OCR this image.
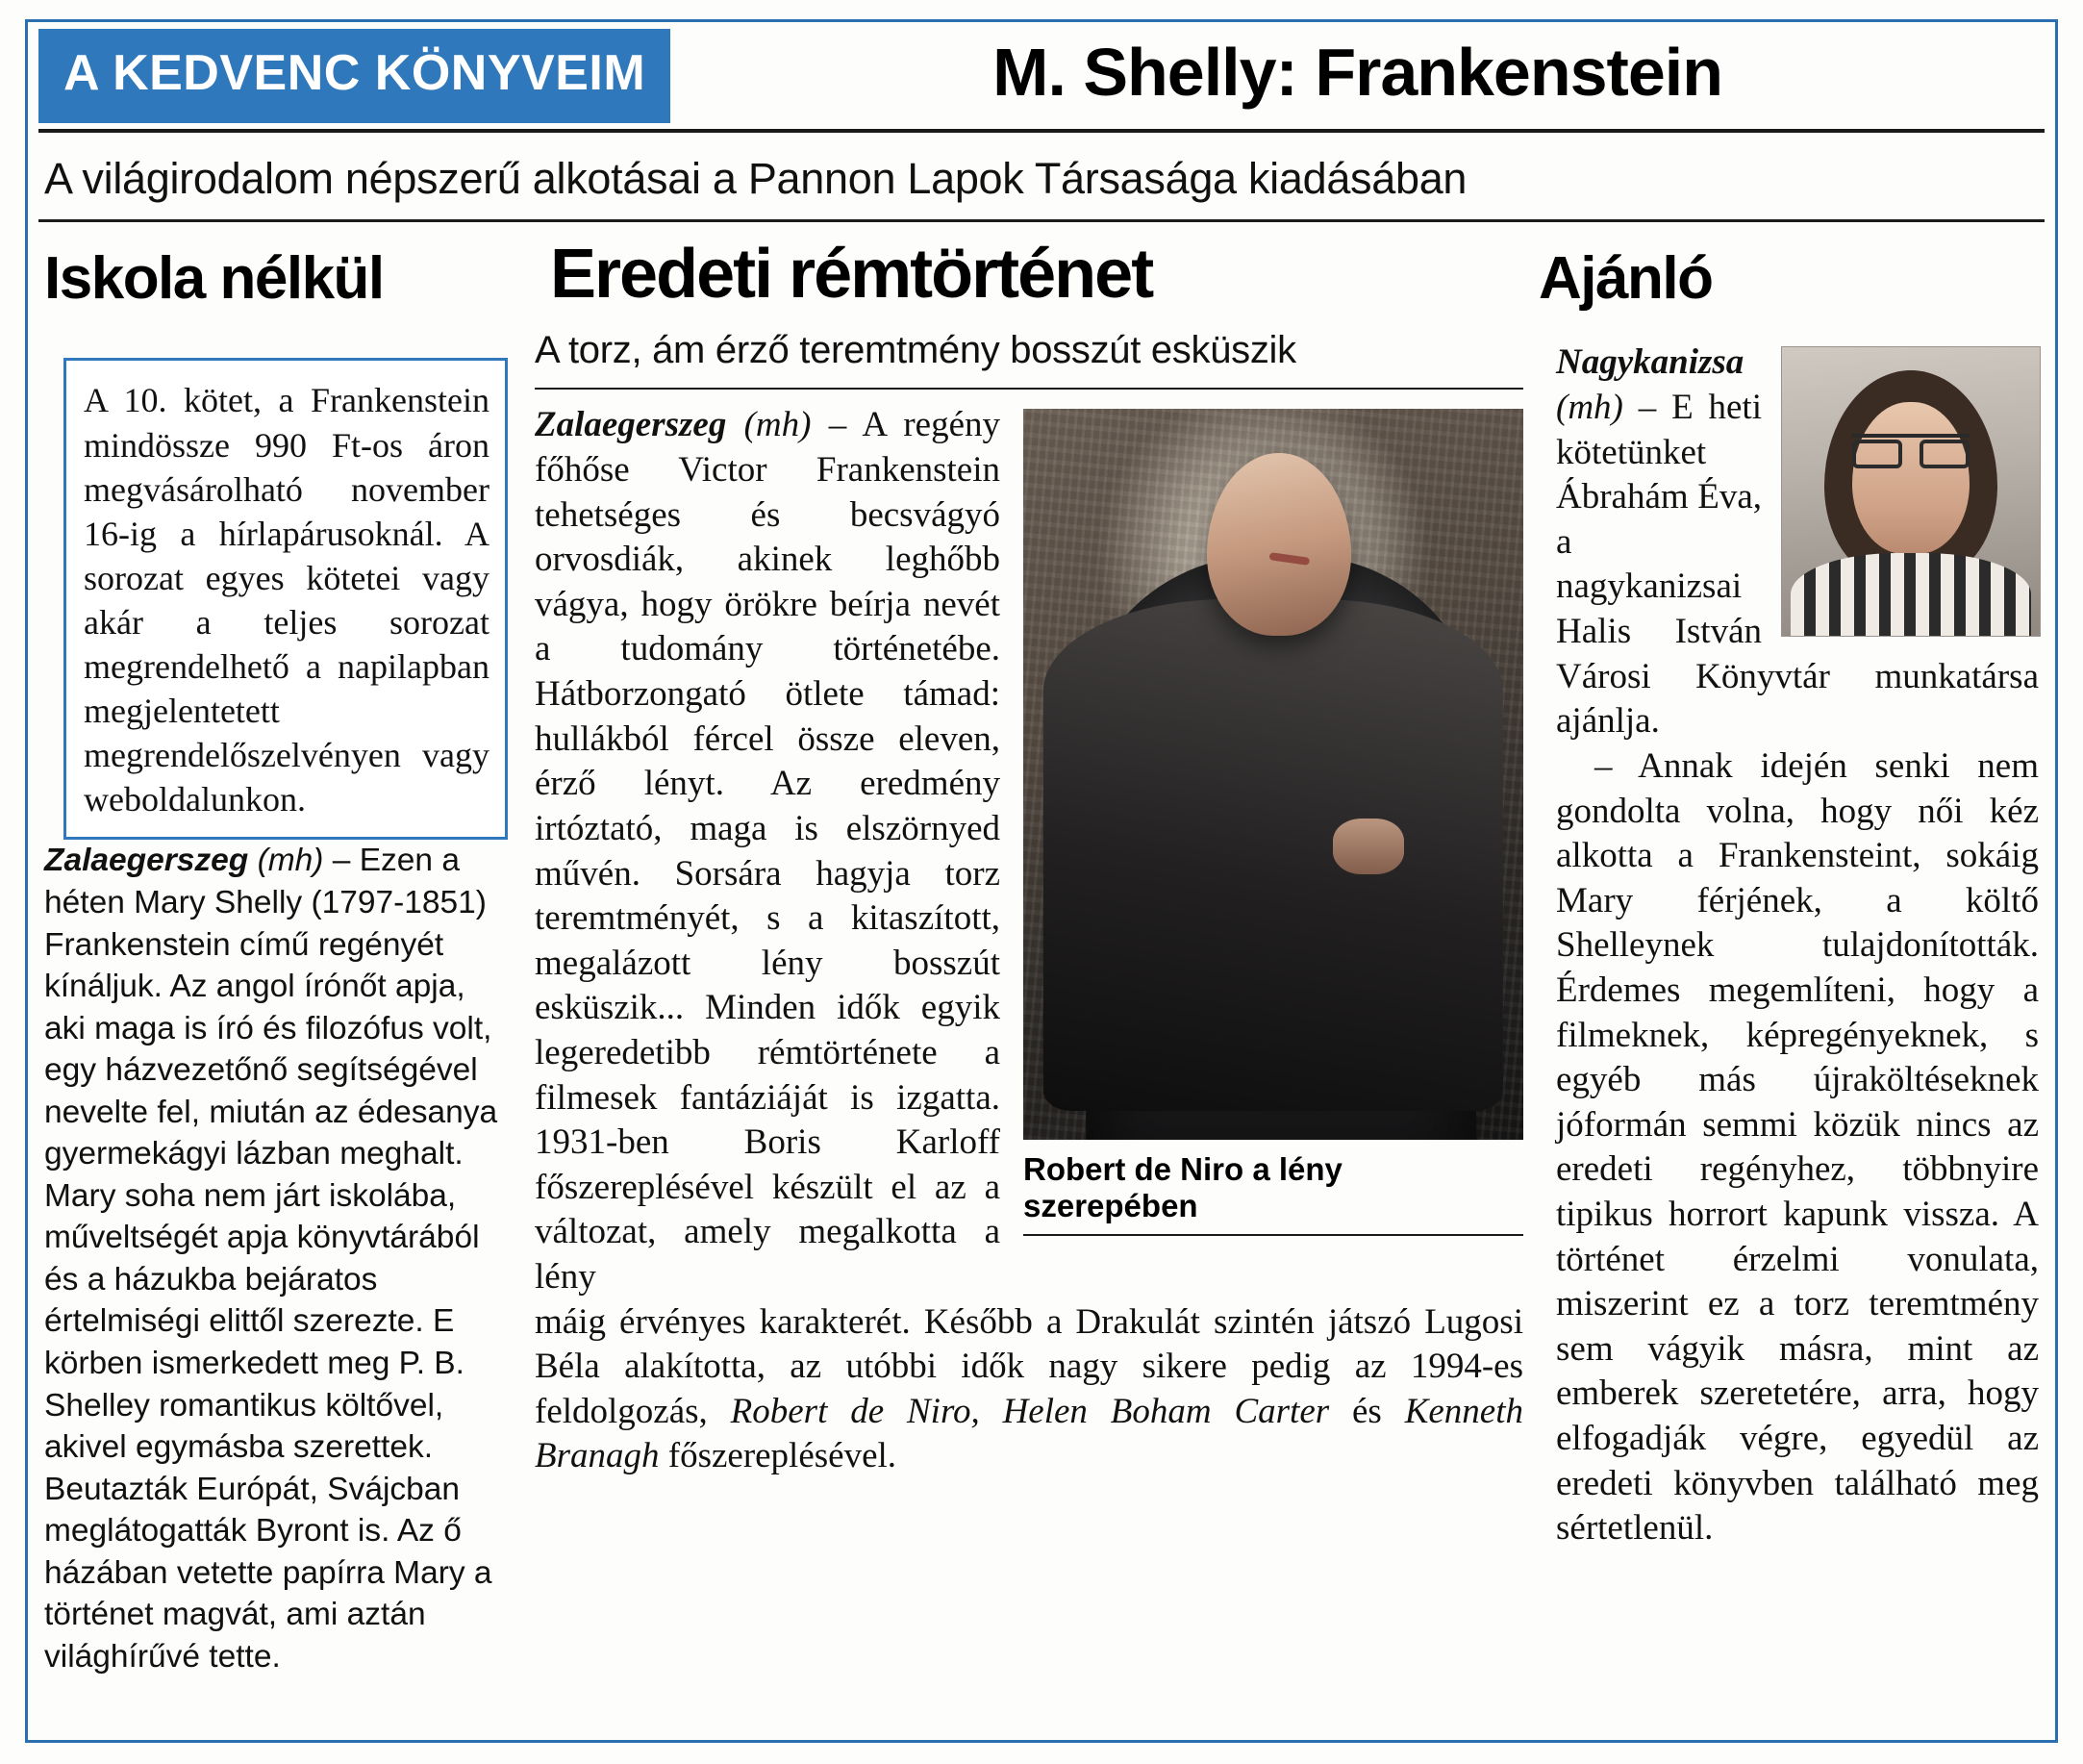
A KEDVENC KÖNYVEIM	M. Shelly: Frankenstein
A világirodalom népszerű alkotásai a Pannon Lapok Társasága kiadásában
Iskola nélkül	Eredeti rémtörténet	Ajánló
A 10. kötet, a Frankenstein mindössze 990 Ft-os áron megvásárolható november 16-ig a hírlapárusoknál. A sorozat egyes kötetei vagy akár a teljes sorozat megrendelhető a napilapban megjelentetett megrendelőszelvényen vagy weboldalunkon.

Zalaegerszeg (mh) – Ezen a héten Mary Shelly (1797-1851) Frankenstein című regényét kínáljuk. Az angol írónőt apja, aki maga is író és filozófus volt, egy házvezetőnő segítségével nevelte fel, miután az édesanya gyermekágyi lázban meghalt. Mary soha nem járt iskolába, műveltségét apja könyvtárából és a házukba bejáratos értelmiségi elittől szerezte. E körben ismerkedett meg P. B. Shelley romantikus költővel, akivel egymásba szerettek. Beutazták Európát, Svájcban meglátogatták Byront is. Az ő házában vetette papírra Mary a történet magvát, ami aztán világhírűvé tette.

A torz, ám érző teremtmény bosszút esküszik
Robert de Niro a lény szerepében

Zalaegerszeg (mh) – A regény főhőse Victor Frankenstein tehetséges és becsvágyó orvosdiák, akinek leghőbb vágya, hogy örökre beírja nevét a tudomány történetébe. Hátborzongató ötlete támad: hullákból fércel össze eleven, érző lényt. Az eredmény irtóztató, maga is elszörnyed művén. Sorsára hagyja torz teremtményét, s a kitaszított, megalázott lény bosszút esküszik... Minden idők egyik legeredetibb rémtörténete a filmesek fantáziáját is izgatta. 1931-ben Boris Karloff főszereplésével készült el az a változat, amely megalkotta a lény

máig érvényes karakterét. Később a Drakulát szintén játszó Lugosi Béla alakította, az utóbbi idők nagy sikere pedig az 1994-es feldolgozás, Robert de Niro, Helen Boham Carter és Kenneth Branagh főszereplésével.

Nagykanizsa (mh) – E heti kötetünket Ábrahám Éva, a nagykanizsai Halis István Városi Könyvtár munkatársa ajánlja.

– Annak idején senki nem gondolta volna, hogy női kéz alkotta a Frankensteint, sokáig Mary férjének, a költő Shelleynek tulajdonították. Érdemes megemlíteni, hogy a filmeknek, képregényeknek, s egyéb más újraköltéseknek jóformán semmi közük nincs az eredeti regényhez, többnyire tipikus horrort kapunk vissza. A történet érzelmi vonulata, miszerint ez a torz teremtmény sem vágyik másra, mint az emberek szeretetére, arra, hogy elfogadják végre, egyedül az eredeti könyvben található meg sértetlenül.
